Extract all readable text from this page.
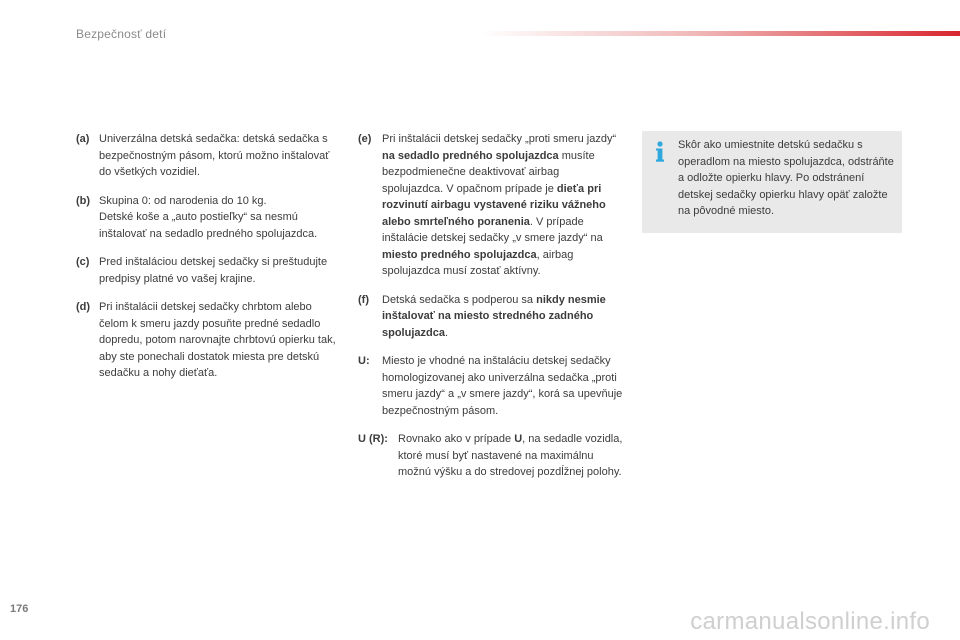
Bezpečnosť detí
(a) Univerzálna detská sedačka: detská sedačka s bezpečnostným pásom, ktorú možno inštalovať do všetkých vozidiel.
(b) Skupina 0: od narodenia do 10 kg.

Detské koše a „auto postieľky“ sa nesmú inštalovať na sedadlo predného spolujazdca.

(c) Pred inštaláciou detskej sedačky si preštudujte predpisy platné vo vašej krajine.
(d) Pri inštalácii detskej sedačky chrbtom alebo čelom k smeru jazdy posuňte predné sedadlo dopredu, potom narovnajte chrbtovú opierku tak, aby ste ponechali dostatok miesta pre detskú sedačku a nohy dieťaťa.
(e) Pri inštalácii detskej sedačky „proti smeru jazdy“ na sedadlo predného spolujazdca musíte bezpodmienečne deaktivovať airbag spolujazdca. V opačnom prípade je dieťa pri rozvinutí airbagu vystavené riziku vážneho alebo smrteľného poranenia. V prípade inštalácie detskej sedačky „v smere jazdy“ na miesto predného spolujazdca, airbag spolujazdca musí zostať aktívny.
(f)	Detská sedačka s podperou sa nikdy nesmie inštalovať na miesto stredného zadného spolujazdca.
U:	Miesto je vhodné na inštaláciu detskej sedačky homologizovanej ako univerzálna sedačka „proti smeru jazdy“ a „v smere jazdy“, korá sa upevňuje bezpečnostným pásom.
U (R): Rovnako ako v prípade U, na sedadle vozidla, ktoré musí byť nastavené na maximálnu možnú výšku a do stredovej pozdĺžnej polohy.
Skôr ako umiestnite detskú sedačku s operadlom na miesto spolujazdca, odstráňte a odložte opierku hlavy. Po odstránení detskej sedačky opierku hlavy opäť založte na pôvodné miesto.
176	carmanualsonline.info
